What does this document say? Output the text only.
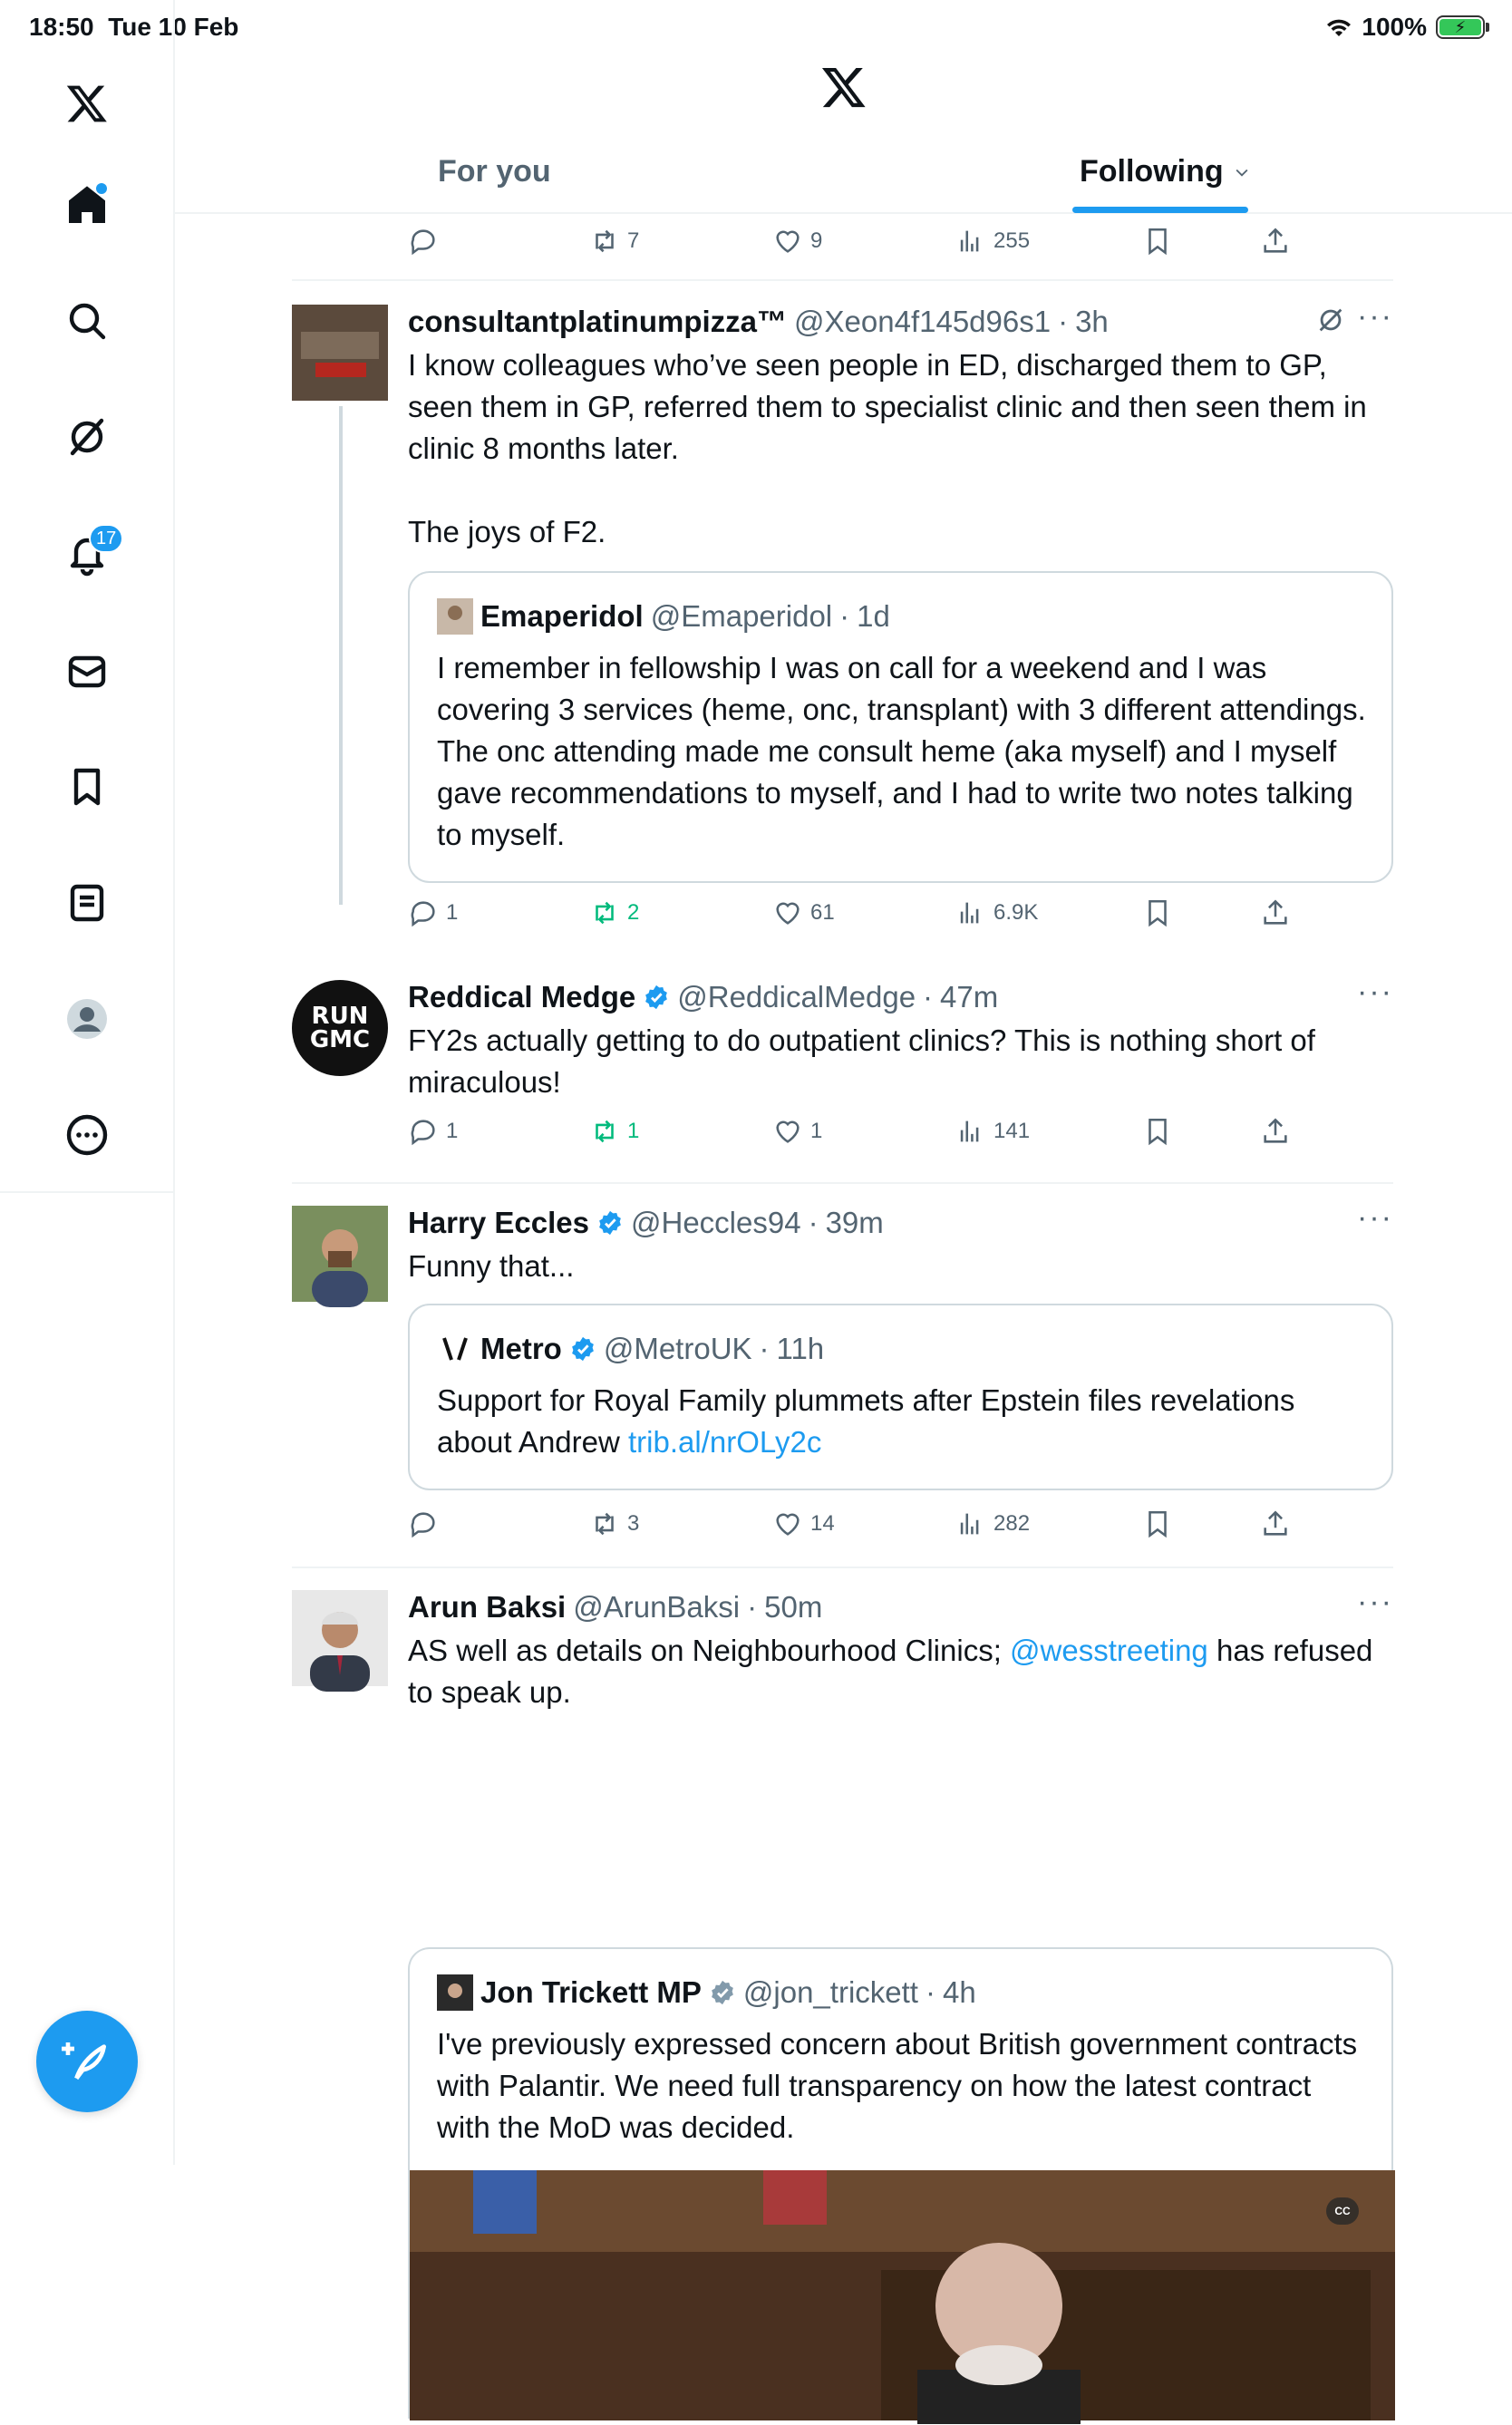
18:50 Tue 10 Feb	100%	⚡
17
For you	Following
7	9	255
consultantplatinumpizza™ @Xeon4f145d96s1 · 3h	···
I know colleagues who’ve seen people in ED, discharged them to GP, seen them in GP, referred them to specialist clinic and then seen them in clinic 8 months later.

The joys of F2.
Emaperidol @Emaperidol · 1d
I remember in fellowship I was on call for a weekend and I was covering 3 services (heme, onc, transplant) with 3 different attendings. The onc attending made me consult heme (aka myself) and I myself gave recommendations to myself, and I had to write two notes talking to myself.
1	2	61	6.9K
RUN
GMC
Reddical Medge @ReddicalMedge · 47m	···
FY2s actually getting to do outpatient clinics? This is nothing short of miraculous!
1	1	1	141
Harry Eccles @Heccles94 · 39m	···
Funny that...
Metro @MetroUK · 11h
Support for Royal Family plummets after Epstein files revelations about Andrew trib.al/nrOLy2c
3	14	282
Arun Baksi @ArunBaksi · 50m	···
AS well as details on Neighbourhood Clinics; @wesstreeting has refused to speak up.
Jon Trickett MP @jon_trickett · 4h
I've previously expressed concern about British government contracts with Palantir. We need full transparency on how the latest contract with the MoD was decided.
CC
